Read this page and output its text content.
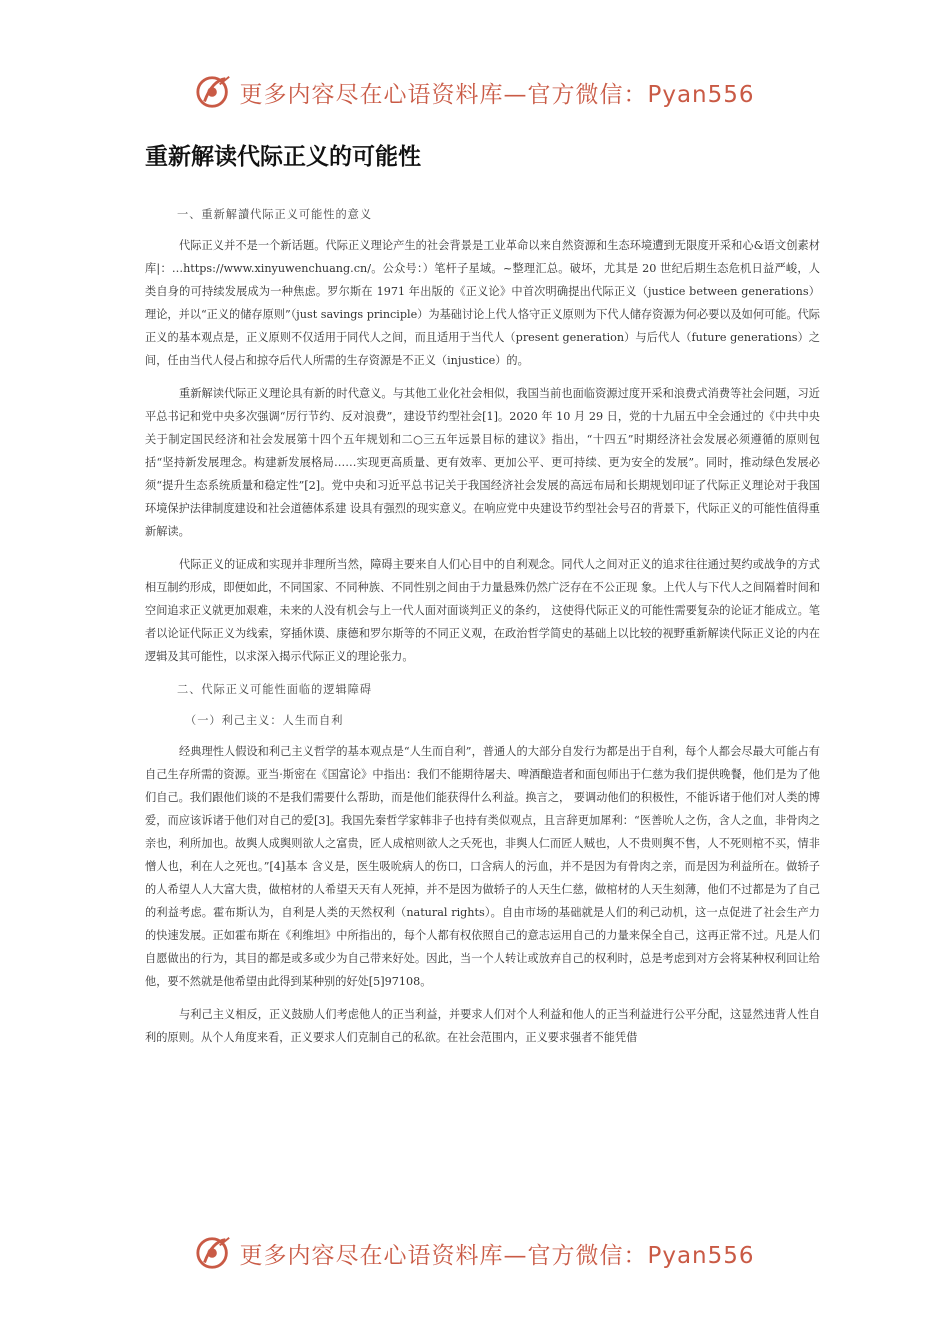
更多内容尽在心语资料库—官方微信：Pyan556
重新解读代际正义的可能性

一、重新解讀代际正义可能性的意义

代际正义并不是一个新话题。代际正义理论产生的社会背景是工业革命以来自然资源和生态环境遭到无限度开采和心&语文创素材库|：…https://www.xinyuwenchuang.cn/。公众号：）笔杆子星域。~整理汇总。破坏，尤其是 20 世纪后期生态危机日益严峻，人类自身的可持续发展成为一种焦虑。罗尔斯在 1971 年出版的《正义论》中首次明确提出代际正义（justice between generations）理论，并以“正义的储存原则”（just savings principle）为基础讨论上代人恪守正义原则为下代人储存资源为何必要以及如何可能。代际正义的基本观点是，正义原则不仅适用于同代人之间，而且适用于当代人（present generation）与后代人（future generations）之间，任由当代人侵占和掠夺后代人所需的生存资源是不正义（injustice）的。

重新解读代际正义理论具有新的时代意义。与其他工业化社会相似，我国当前也面临资源过度开采和浪费式消费等社会问题，习近平总书记和党中央多次强调“厉行节约、反对浪费”，建设节约型社会[1]。2020 年 10 月 29 日，党的十九届五中全会通过的《中共中央关于制定国民经济和社会发展第十四个五年规划和二○三五年远景目标的建议》指出，“十四五”时期经济社会发展必须遵循的原则包括“坚持新发展理念。构建新发展格局……实现更高质量、更有效率、更加公平、更可持续、更为安全的发展”。同时，推动绿色发展必须“提升生态系统质量和稳定性”[2]。党中央和习近平总书记关于我国经济社会发展的高远布局和长期规划印证了代际正义理论对于我国环境保护法律制度建设和社会道德体系建 设具有强烈的现实意义。在响应党中央建设节约型社会号召的背景下，代际正义的可能性值得重新解读。

代际正义的证成和实现并非理所当然，障碍主要来自人们心目中的自利观念。同代人之间对正义的追求往往通过契约或战争的方式相互制约形成，即便如此，不同国家、不同种族、不同性别之间由于力量悬殊仍然广泛存在不公正现 象。上代人与下代人之间隔着时间和空间追求正义就更加艰难，未来的人没有机会与上一代人面对面谈判正义的条约， 这使得代际正义的可能性需要复杂的论证才能成立。笔者以论证代际正义为线索，穿插休谟、康德和罗尔斯等的不同正义观，在政治哲学简史的基础上以比较的视野重新解读代际正义论的内在逻辑及其可能性，以求深入揭示代际正义的理论张力。

二、代际正义可能性面临的逻辑障碍

（一）利己主义：人生而自利

经典理性人假设和利己主义哲学的基本观点是“人生而自利”，普通人的大部分自发行为都是出于自利，每个人都会尽最大可能占有自己生存所需的资源。亚当·斯密在《国富论》中指出：我们不能期待屠夫、啤酒酿造者和面包师出于仁慈为我们提供晚餐，他们是为了他们自己。我们跟他们谈的不是我们需要什么帮助，而是他们能获得什么利益。换言之， 要调动他们的积极性，不能诉诸于他们对人类的博爱，而应该诉诸于他们对自己的爱[3]。我国先秦哲学家韩非子也持有类似观点，且言辞更加犀利：“医善吮人之伤，含人之血，非骨肉之亲也，利所加也。故舆人成舆则欲人之富贵，匠人成棺则欲人之夭死也，非舆人仁而匠人贼也，人不贵则舆不售，人不死则棺不买，情非憎人也，利在人之死也。”[4]基本 含义是，医生吸吮病人的伤口，口含病人的污血，并不是因为有骨肉之亲，而是因为利益所在。做轿子的人希望人人大富大贵，做棺材的人希望天天有人死掉，并不是因为做轿子的人天生仁慈，做棺材的人天生刻薄，他们不过都是为了自己的利益考虑。霍布斯认为，自利是人类的天然权利（natural rights）。自由市场的基础就是人们的利己动机，这一点促进了社会生产力的快速发展。正如霍布斯在《利维坦》中所指出的，每个人都有权依照自己的意志运用自己的力量来保全自己，这再正常不过。凡是人们自愿做出的行为，其目的都是或多或少为自己带来好处。因此，当一个人转让或放弃自己的权利时，总是考虑到对方会将某种权利回让给他，要不然就是他希望由此得到某种别的好处[5]97108。

与利己主义相反，正义鼓励人们考虑他人的正当利益，并要求人们对个人利益和他人的正当利益进行公平分配，这显然违背人性自利的原则。从个人角度来看，正义要求人们克制自己的私欲。在社会范围内，正义要求强者不能凭借

更多内容尽在心语资料库—官方微信：Pyan556
